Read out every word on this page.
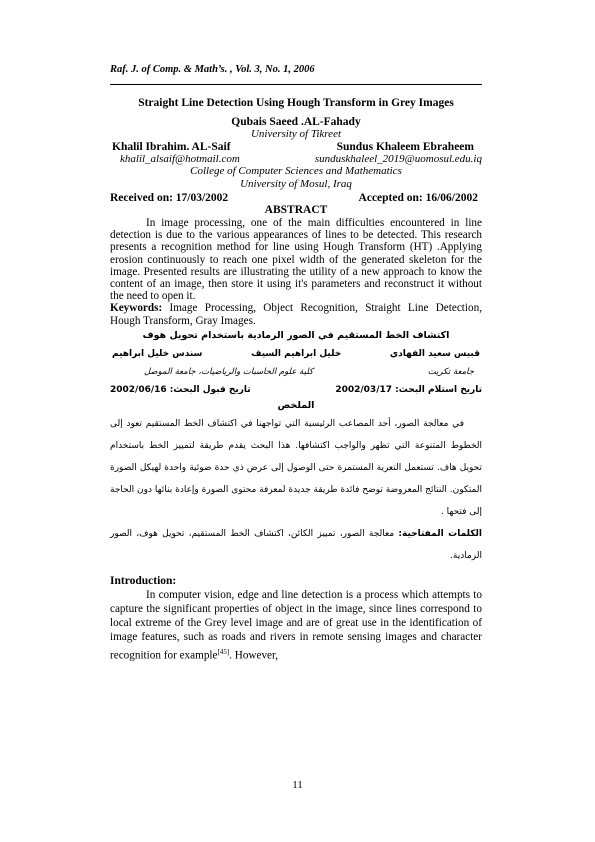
Raf. J. of Comp. & Math’s. , Vol. 3, No. 1, 2006

Straight Line Detection Using Hough Transform in Grey Images
Qubais Saeed .AL-Fahady
University of Tikreet
Khalil Ibrahim. AL-Saif	Sundus Khaleem Ebraheem
khalil_alsaif@hotmail.com	sunduskhaleel_2019@uomosul.edu.iq
College of Computer Sciences and Mathematics
University of Mosul, Iraq
Received on: 17/03/2002	Accepted on: 16/06/2002
ABSTRACT

In image processing, one of the main difficulties encountered in line detection is due to the various appearances of lines to be detected. This research presents a recognition method for line using Hough Transform (HT) .Applying erosion continuously to reach one pixel width of the generated skeleton for the image. Presented results are illustrating the utility of a new approach to know the content of an image, then store it using it's parameters and reconstruct it without the need to open it.

Keywords: Image Processing, Object Recognition, Straight Line Detection, Hough Transform, Gray Images.

اكتشاف الخط المستقيم في الصور الرمادية باستخدام تحويل هوف
قبيس سعيد الفهادي
خليل ابراهيم السيف
سندس خليل ابراهيم
جامعة تكريت
كلية علوم الحاسبات والرياضيات، جامعة الموصل
تاريخ استلام البحث: 2002/03/17
تاريخ قبول البحث: 2002/06/16
الملخص

في معالجة الصور، أحد المصاعب الرئيسية التي تواجهنا في اكتشاف الخط المستقيم تعود إلى الخطوط المتنوعة التي تظهر والواجب اكتشافها. هذا البحث يقدم طريقة لتمييز الخط باستخدام تحويل هاف. تستعمل التعرية المستمرة حتى الوصول إلى عرض ذي حدة ضوئية واحدة لهيكل الصورة المتكون. النتائج المعروضة توضح فائدة طريقة جديدة لمعرفة محتوى الصورة وإعادة بنائها دون الحاجة إلى فتحها .

الكلمات المفتاحية: معالجة الصور، تمييز الكائن، اكتشاف الخط المستقيم، تحويل هوف، الصور الرمادية.

Introduction:

In computer vision, edge and line detection is a process which attempts to capture the significant properties of object in the image, since lines correspond to local extreme of the Grey level image and are of great use in the identification of image features, such as roads and rivers in remote sensing images and character recognition for example[45]. However,

11
